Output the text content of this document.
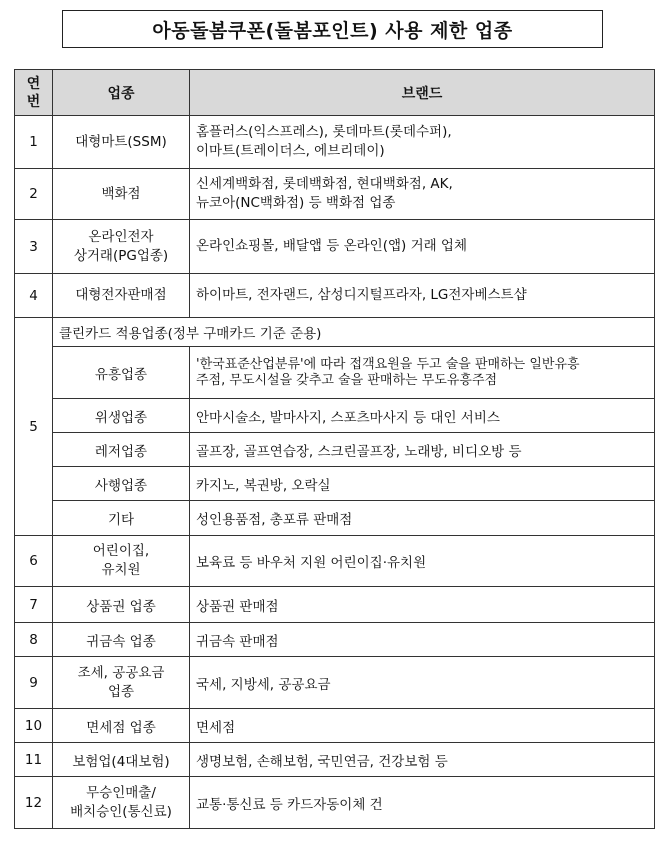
아동돌봄쿠폰(돌봄포인트) 사용 제한 업종
연
번	업종	브랜드
1	대형마트(SSM)	홈플러스(익스프레스), 롯데마트(롯데수퍼),
이마트(트레이더스, 에브리데이)

2	백화점	신세계백화점, 롯데백화점, 현대백화점, AK,
뉴코아(NC백화점) 등 백화점 업종

3	온라인전자
상거래(PG업종)	온라인쇼핑몰, 배달앱 등 온라인(앱) 거래 업체

4	대형전자판매점	하이마트, 전자랜드, 삼성디지털프라자, LG전자베스트샵

5	클린카드 적용업종(정부 구매카드 기준 준용)	
	유흥업종	'한국표준산업분류'에 따라 접객요원을 두고 술을 판매하는 일반유흥
주점, 무도시설을 갖추고 술을 판매하는 무도유흥주점

	위생업종	안마시술소, 발마사지, 스포츠마사지 등 대인 서비스
	레저업종	골프장, 골프연습장, 스크린골프장, 노래방, 비디오방 등
	사행업종	카지노, 복권방, 오락실
	기타	성인용품점, 총포류 판매점
6	어린이집,
유치원	보육료 등 바우처 지원 어린이집·유치원
7	상품권 업종	상품권 판매점
8	귀금속 업종	귀금속 판매점
9	조세, 공공요금
업종	국세, 지방세, 공공요금
10	면세점 업종	면세점
11	보험업(4대보험)	생명보험, 손해보험, 국민연금, 건강보험 등
12	무승인매출/
배치승인(통신료)	교통·통신료 등 카드자동이체 건
